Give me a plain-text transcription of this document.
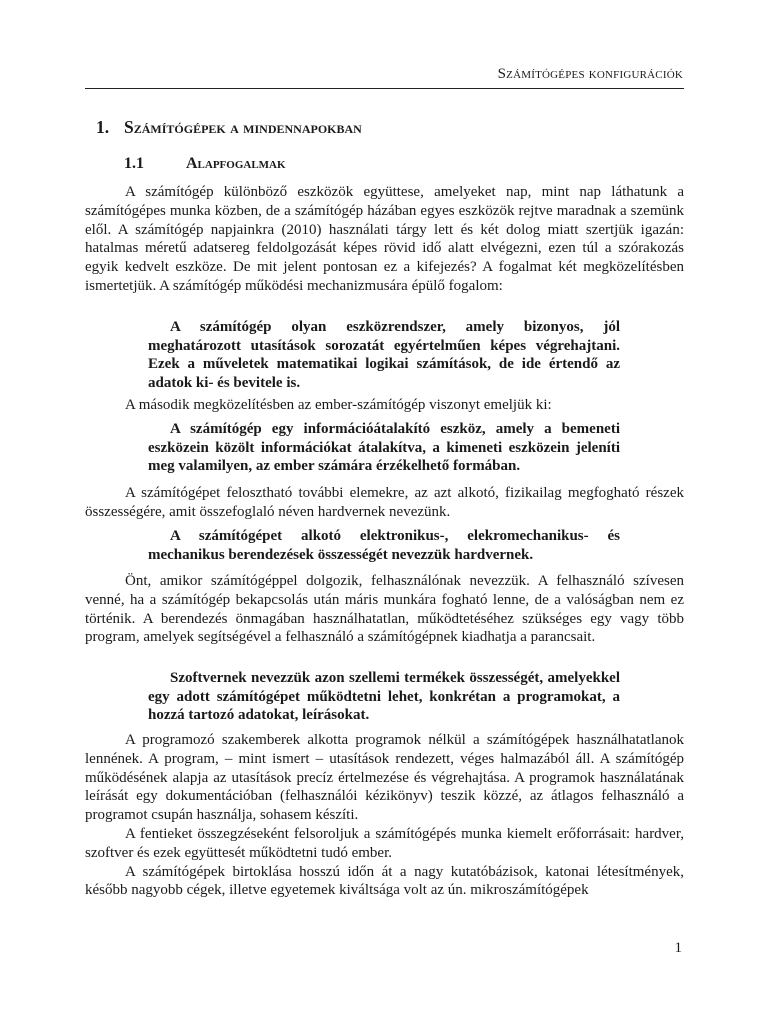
Számítógépes konfigurációk
1. Számítógépek a mindennapokban
1.1	Alapfogalmak

A számítógép különböző eszközök együttese, amelyeket nap, mint nap láthatunk a számítógépes munka közben, de a számítógép házában egyes eszközök rejtve maradnak a szemünk elől. A számítógép napjainkra (2010) használati tárgy lett és két dolog miatt szertjük igazán: hatalmas méretű adatsereg feldolgozását képes rövid idő alatt elvégezni, ezen túl a szórakozás egyik kedvelt eszköze. De mit jelent pontosan ez a kifejezés? A fogalmat két megközelítésben ismertetjük. A számítógép működési mechanizmusára épülő fogalom:

A számítógép olyan eszközrendszer, amely bizonyos, jól meghatározott utasítások sorozatát egyértelműen képes végrehajtani. Ezek a műveletek matematikai logikai számítások, de ide értendő az adatok ki- és bevitele is.

A második megközelítésben az ember-számítógép viszonyt emeljük ki:

A számítógép egy információátalakító eszköz, amely a bemeneti eszközein közölt információkat átalakítva, a kimeneti eszközein jeleníti meg valamilyen, az ember számára érzékelhető formában.

A számítógépet felosztható további elemekre, az azt alkotó, fizikailag megfogható részek összességére, amit összefoglaló néven hardvernek nevezünk.

A számítógépet alkotó elektronikus-, elekromechanikus- és mechanikus berendezések összességét nevezzük hardvernek.

Önt, amikor számítógéppel dolgozik, felhasználónak nevezzük. A felhasználó szívesen venné, ha a számítógép bekapcsolás után máris munkára fogható lenne, de a valóságban nem ez történik. A berendezés önmagában használhatatlan, működtetéséhez szükséges egy vagy több program, amelyek segítségével a felhasználó a számítógépnek kiadhatja a parancsait.

Szoftvernek nevezzük azon szellemi termékek összességét, amelyekkel egy adott számítógépet működtetni lehet, konkrétan a programokat, a hozzá tartozó adatokat, leírásokat.

A programozó szakemberek alkotta programok nélkül a számítógépek használhatatlanok lennének. A program, – mint ismert – utasítások rendezett, véges halmazából áll. A számítógép működésének alapja az utasítások precíz értelmezése és végrehajtása. A programok használatának leírását egy dokumentációban (felhasználói kézikönyv) teszik közzé, az átlagos felhasználó a programot csupán használja, sohasem készíti.

A fentieket összegzéseként felsoroljuk a számítógépés munka kiemelt erőforrásait: hardver, szoftver és ezek együttesét működtetni tudó ember.

A számítógépek birtoklása hosszú időn át a nagy kutatóbázisok, katonai létesítmények, később nagyobb cégek, illetve egyetemek kiváltsága volt az ún. mikroszámítógépek

1
